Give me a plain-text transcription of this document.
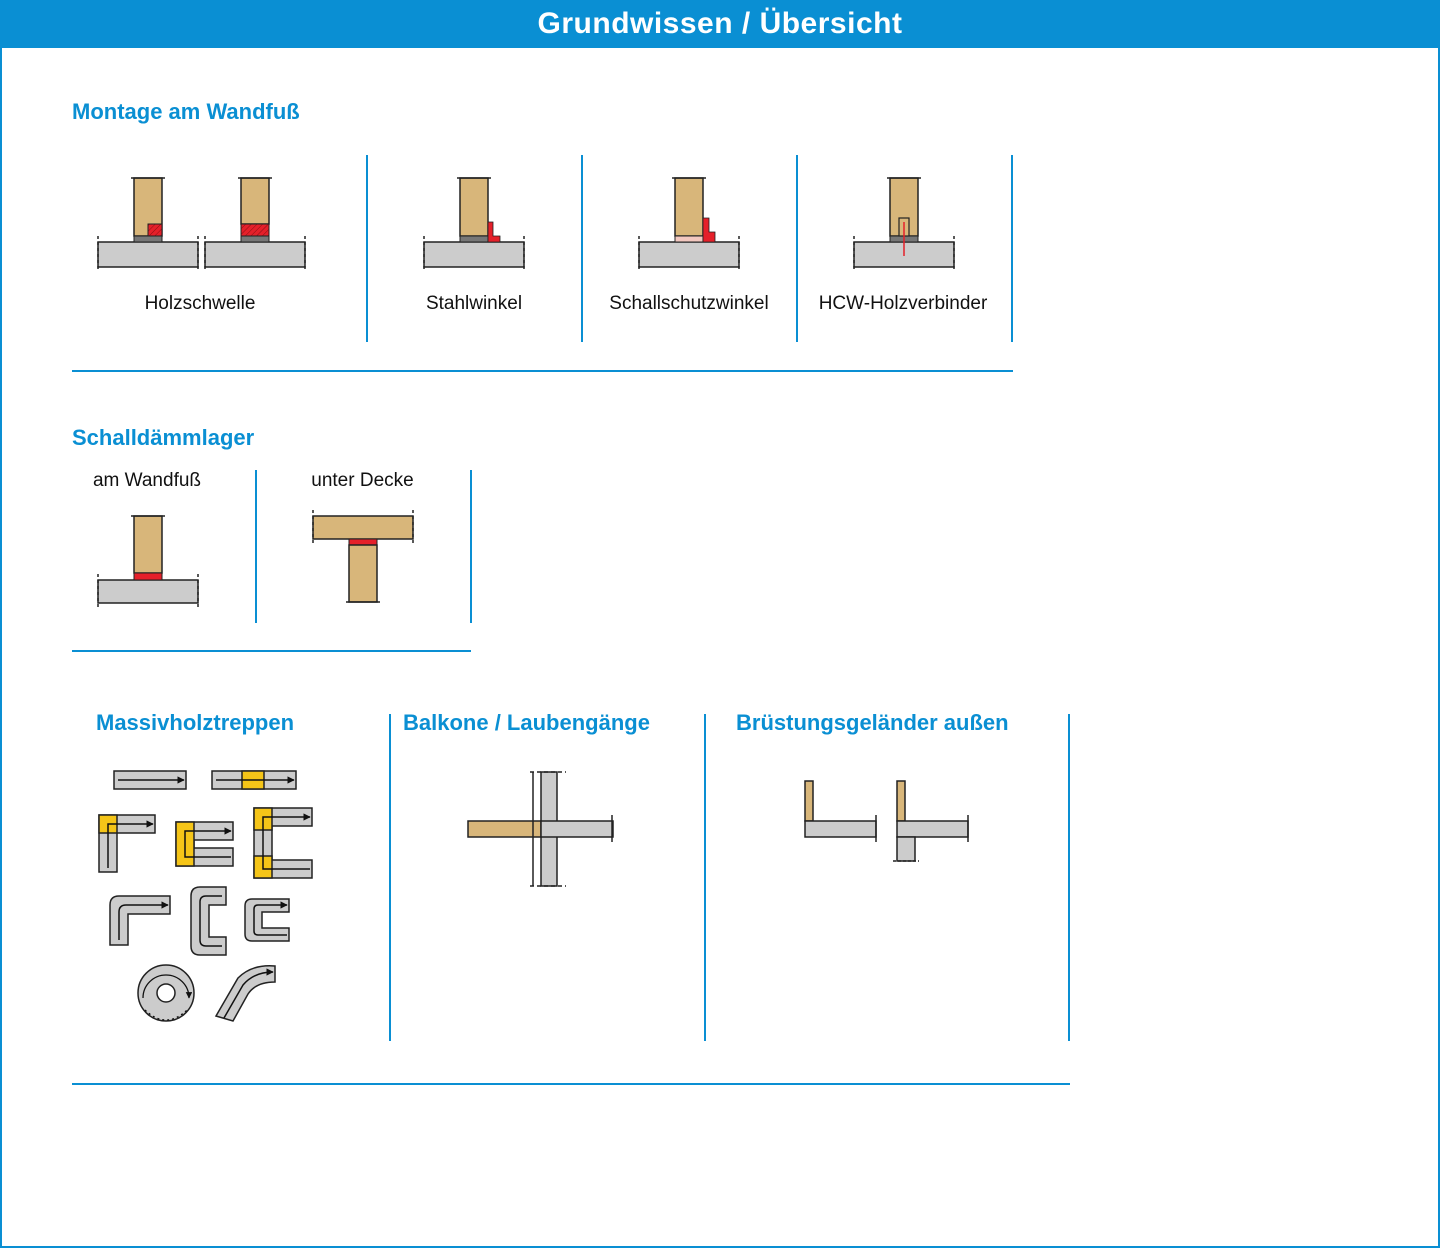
Grundwissen / Übersicht
Montage am Wandfuß
Holzschwelle	Stahlwinkel	Schallschutzwinkel	HCW-Holzverbinder
Schalldämmlager
am Wandfuß	unter Decke
Massivholztreppen	Balkone / Laubengänge	Brüstungsgeländer außen
